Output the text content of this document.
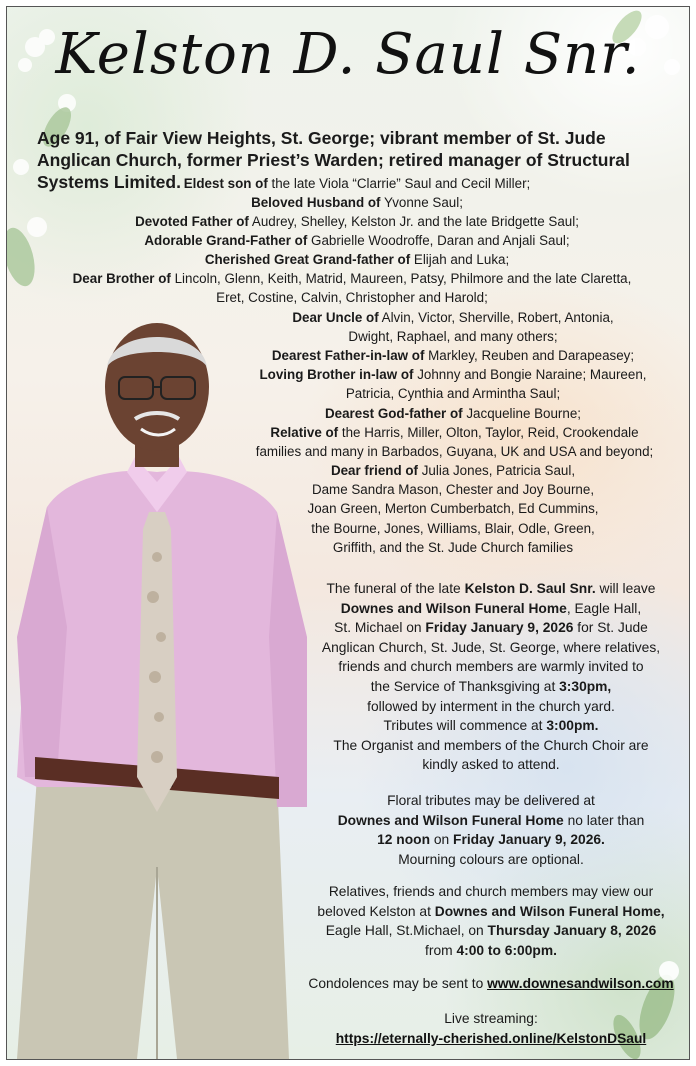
Kelston D. Saul Snr.
Age 91, of Fair View Heights, St. George; vibrant member of St. Jude Anglican Church, former Priest’s Warden; retired manager of Structural Systems Limited. Eldest son of the late Viola “Clarrie” Saul and Cecil Miller;
Beloved Husband of Yvonne Saul;
Devoted Father of Audrey, Shelley, Kelston Jr. and the late Bridgette Saul;
Adorable Grand-Father of Gabrielle Woodroffe, Daran and Anjali Saul;
Cherished Great Grand-father of Elijah and Luka;
Dear Brother of Lincoln, Glenn, Keith, Matrid, Maureen, Patsy, Philmore and the late Claretta,
Eret, Costine, Calvin, Christopher and Harold;
Dear Uncle of Alvin, Victor, Sherville, Robert, Antonia,
Dwight, Raphael, and many others;
Dearest Father-in-law of Markley, Reuben and Darapeasey;
Loving Brother in-law of Johnny and Bongie Naraine; Maureen,
Patricia, Cynthia and Armintha Saul;
Dearest God-father of Jacqueline Bourne;
Relative of the Harris, Miller, Olton, Taylor, Reid, Crookendale
families and many in Barbados, Guyana, UK and USA and beyond;
Dear friend of Julia Jones, Patricia Saul,
Dame Sandra Mason, Chester and Joy Bourne,
Joan Green, Merton Cumberbatch, Ed Cummins,
the Bourne, Jones, Williams, Blair, Odle, Green,
Griffith, and the St. Jude Church families
The funeral of the late Kelston D. Saul Snr. will leave
Downes and Wilson Funeral Home, Eagle Hall,
St. Michael on Friday January 9, 2026 for St. Jude
Anglican Church, St. Jude, St. George, where relatives,
friends and church members are warmly invited to
the Service of Thanksgiving at 3:30pm,
followed by interment in the church yard.
Tributes will commence at 3:00pm.
The Organist and members of the Church Choir are
kindly asked to attend.
Floral tributes may be delivered at
Downes and Wilson Funeral Home no later than
12 noon on Friday January 9, 2026.
Mourning colours are optional.
Relatives, friends and church members may view our
beloved Kelston at Downes and Wilson Funeral Home,
Eagle Hall, St.Michael, on Thursday January 8, 2026
from 4:00 to 6:00pm.
Condolences may be sent to www.downesandwilson.com
Live streaming:
https://eternally-cherished.online/KelstonDSaul
